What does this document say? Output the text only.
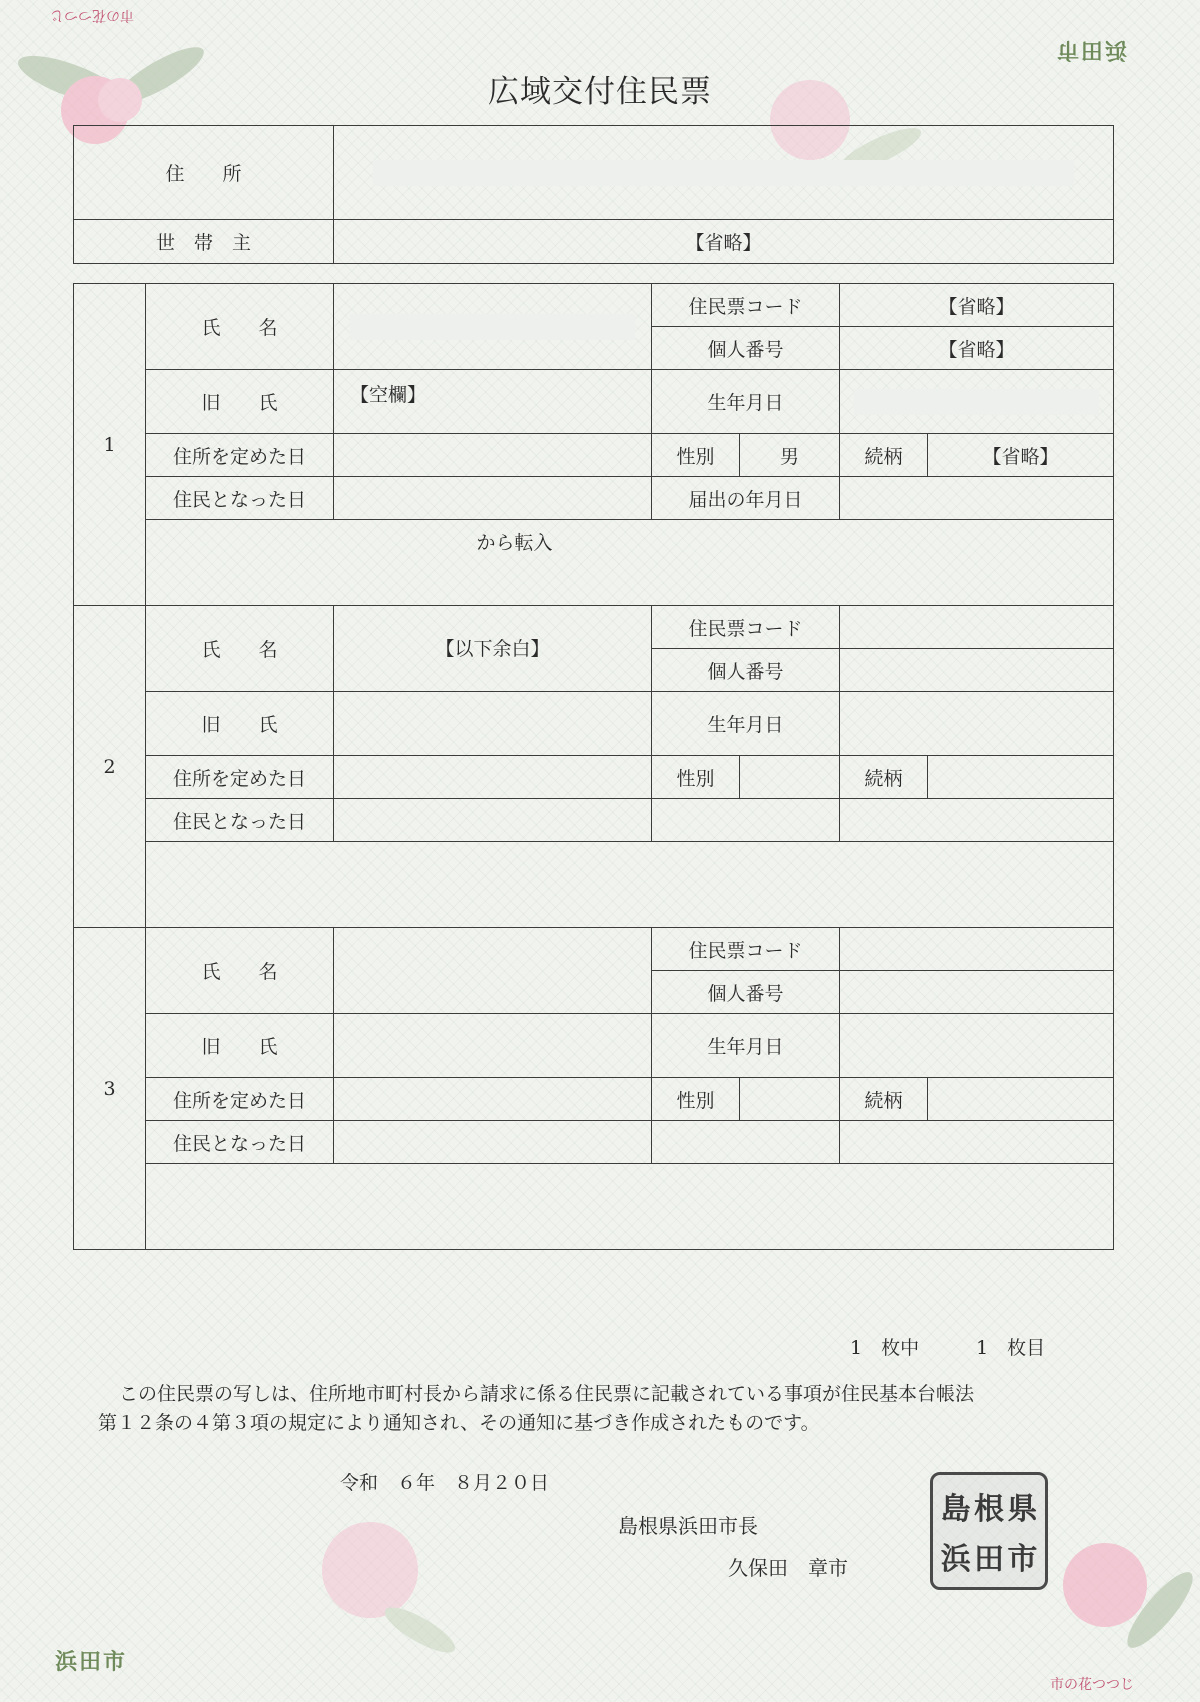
市の花つつじ
浜田市
浜田市
市の花つつじ
広域交付住民票
住　　所	

世　帯　主	【省略】
1	氏　　名		住民票コード		【省略】	
			個人番号		【省略】	
	旧　　氏	【空欄】	生年月日			

	住所を定めた日		性別	男	続柄	【省略】
	住民となった日		届出の年月日			
	から転入					
2	氏　　名	【以下余白】	住民票コード			
			個人番号			
	旧　　氏		生年月日			
	住所を定めた日		性別		続柄	
	住民となった日					

3	氏　　名		住民票コード			
			個人番号			
	旧　　氏		生年月日			
	住所を定めた日		性別		続柄	
	住民となった日					

1　枚中　　　1　枚目

　この住民票の写しは、住所地市町村長から請求に係る住民票に記載されている事項が住民基本台帳法

第１２条の４第３項の規定により通知され、その通知に基づき作成されたものです。

令和　６年　８月２０日
島根県浜田市長
久保田　章市
島 根 県
浜 田 市
